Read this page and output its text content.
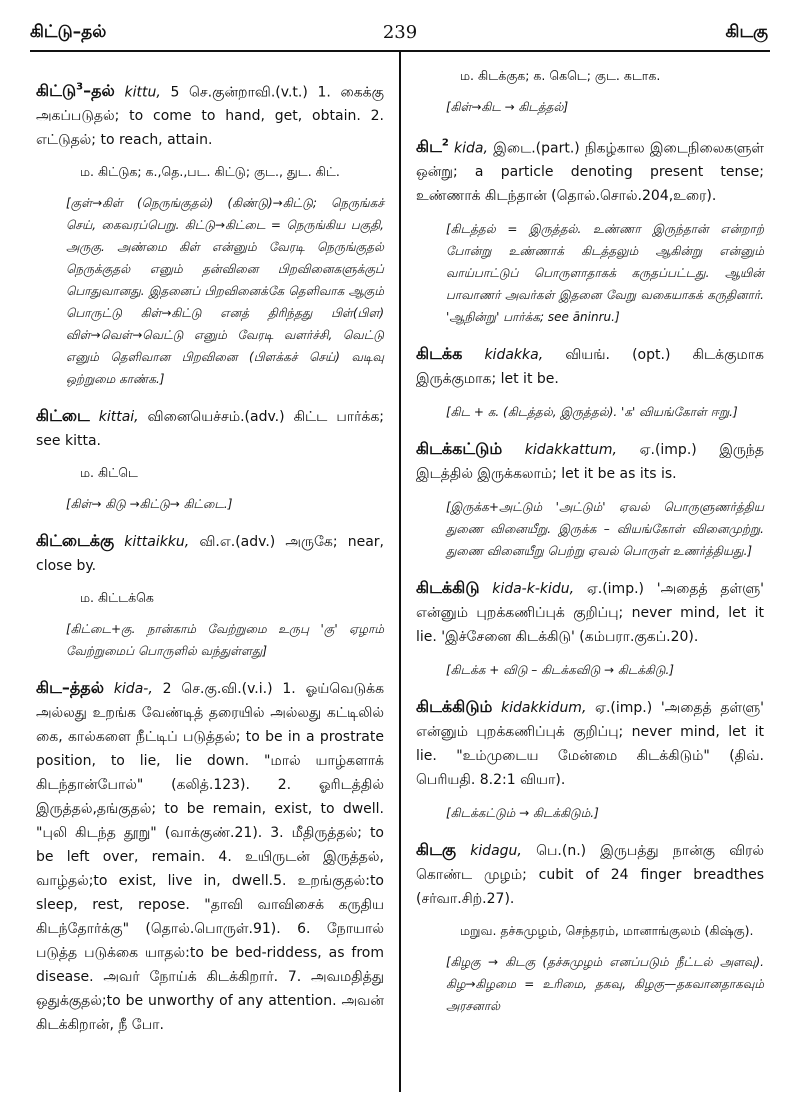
கிட்டு–தல்	239	கிடகு

கிட்டு$^3$–தல் kittu, 5 செ.குன்றாவி.(v.t.) 1. கைக்கு அகப்படுதல்; to come to hand, get, obtain. 2. எட்டுதல்; to reach, attain.

ம. கிட்டுக; க.,தெ.,பட. கிட்டு; குட., துட. கிட்.

[குள்→கிள் (நெருங்குதல்) (கிண்டு)→கிட்டு; நெருங்கச் செய், கைவரப்பெறு. கிட்டு→கிட்டை = நெருங்கிய பகுதி, அருகு. அண்மை கிள் என்னும் வேரடி நெருங்குதல் நெருக்குதல் எனும் தன்வினை பிறவினைகளுக்குப் பொதுவானது. இதனைப் பிறவினைக்கே தெளிவாக ஆகும் பொருட்டு கிள்→கிட்டு எனத் திரிந்தது பிள்(பிள) விள்→வெள்→வெட்டு எனும் வேரடி வளர்ச்சி, வெட்டு எனும் தெளிவான பிறவினை (பிளக்கச் செய்) வடிவு ஒற்றுமை காண்க.]

கிட்டை kittai, வினையெச்சம்.(adv.) கிட்ட பார்க்க; see kitta.

ம. கிட்டெ

[கிள்→ கிடு →கிட்டு→ கிட்டை.]

கிட்டைக்கு kittaikku, வி.எ.(adv.) அருகே; near, close by.

ம. கிட்டக்கெ

[கிட்டை+கு. நான்காம் வேற்றுமை உருபு 'கு' ஏழாம் வேற்றுமைப் பொருளில் வந்துள்ளது]

கிட–த்தல் kida-, 2 செ.கு.வி.(v.i.) 1. ஓய்வெடுக்க அல்லது உறங்க வேண்டித் தரையில் அல்லது கட்டிலில் கை, கால்களை நீட்டிப் படுத்தல்; to be in a prostrate position, to lie, lie down. "மால் யாழ்களாக் கிடந்தான்போல்" (கலித்.123). 2. ஓரிடத்தில் இருத்தல்,தங்குதல்; to be remain, exist, to dwell. "புலி கிடந்த தூறு" (வாக்குண்.21). 3. மீதிருத்தல்; to be left over, remain. 4. உயிருடன் இருத்தல், வாழ்தல்;to exist, live in, dwell.5. உறங்குதல்:to sleep, rest, repose. "தாவி வாவிசைக் கருதிய கிடந்தோர்க்கு" (தொல்.பொருள்.91). 6. நோயால் படுத்த படுக்கை யாதல்:to be bed-riddess, as from disease. அவர் நோய்க் கிடக்கிறார். 7. அவமதித்து ஒதுக்குதல்;to be unworthy of any attention. அவன் கிடக்கிறான், நீ போ.

ம. கிடக்குக; க. கெடெ; குட. கடாக.

[கிள்→கிட → கிடத்தல்]

கிட$^2$ kida, இடை.(part.) நிகழ்கால இடைநிலைகளுள் ஒன்று; a particle denoting present tense; உண்ணாக் கிடந்தான் (தொல்.சொல்.204,உரை).

[கிடத்தல் = இருத்தல். உண்ணா இருந்தான் என்றாற் போன்று உண்ணாக் கிடத்தலும் ஆகின்று என்னும் வாய்பாட்டுப் பொருளாதாகக் கருதப்பட்டது. ஆயின் பாவாணர் அவர்கள் இதனை வேறு வகையாகக் கருதினார். 'ஆநின்று' பார்க்க; see āninru.]

கிடக்க kidakka, வியங். (opt.) கிடக்குமாக இருக்குமாக; let it be.

[கிட + க. (கிடத்தல், இருத்தல்). 'க' வியங்கோள் ஈறு.]

கிடக்கட்டும் kidakkattum, ஏ.(imp.) இருந்த இடத்தில் இருக்கலாம்; let it be as its is.

[இருக்க+அட்டும் 'அட்டும்' ஏவல் பொருளுணர்த்திய துணை வினையீறு. இருக்க – வியங்கோள் வினைமுற்று. துணை வினையீறு பெற்று ஏவல் பொருள் உணர்த்தியது.]

கிடக்கிடு kida-k-kidu, ஏ.(imp.) 'அதைத் தள்ளு' என்னும் புறக்கணிப்புக் குறிப்பு; never mind, let it lie. 'இச்சேனை கிடக்கிடு' (கம்பரா.குகப்.20).

[கிடக்க + விடு – கிடக்கவிடு → கிடக்கிடு.]

கிடக்கிடும் kidakkidum, ஏ.(imp.) 'அதைத் தள்ளு' என்னும் புறக்கணிப்புக் குறிப்பு; never mind, let it lie. "உம்முடைய மேன்மை கிடக்கிடும்" (திவ். பெரியதி. 8.2:1 வியா).

[கிடக்கட்டும் → கிடக்கிடும்.]

கிடகு kidagu, பெ.(n.) இருபத்து நான்கு விரல் கொண்ட முழம்; cubit of 24 finger breadthes (சர்வா.சிற்.27).

மறுவ. தச்சுமுழம், செந்தரம், மானாங்குலம் (கிஷ்கு).

[கிழகு → கிடகு (தச்சுமுழம் எனப்படும் நீட்டல் அளவு). கிழ→கிழமை = உரிமை, தகவு, கிழகு—தகவானதாகவும் அரசனால்
